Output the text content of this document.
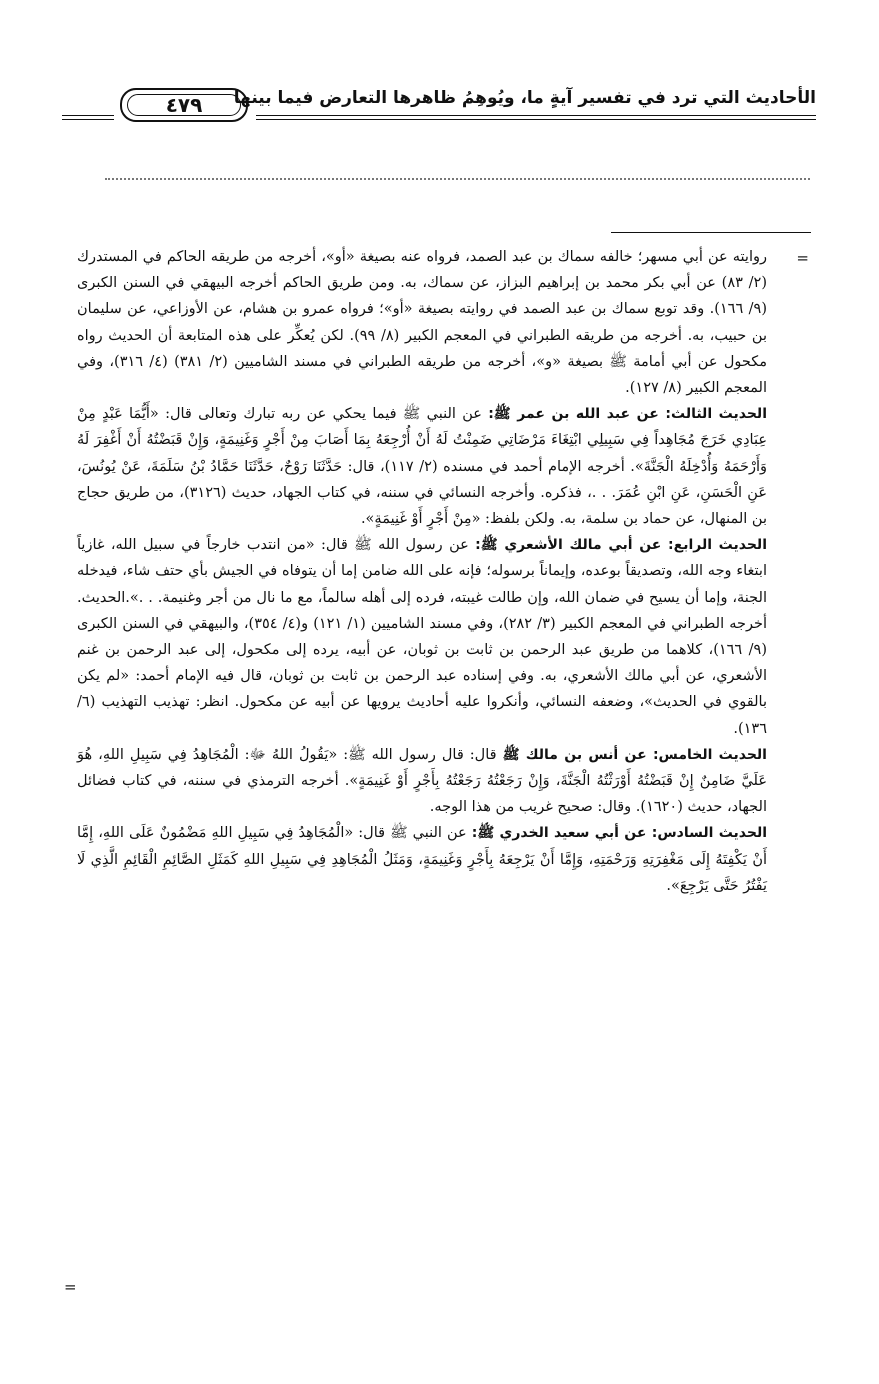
الأحاديث التي ترد في تفسير آيةٍ ما، ويُوهِمُ ظاهرها التعارض فيما بينها
٤٧٩
=

روايته عن أبي مسهر؛ خالفه سماك بن عبد الصمد، فرواه عنه بصيغة «أو»، أخرجه من طريقه الحاكم في المستدرك (٢/ ٨٣) عن أبي بكر محمد بن إبراهيم البزاز، عن سماك، به. ومن طريق الحاكم أخرجه البيهقي في السنن الكبرى (٩/ ١٦٦). وقد توبع سماك بن عبد الصمد في روايته بصيغة «أو»؛ فرواه عمرو بن هشام، عن الأوزاعي، عن سليمان بن حبيب، به. أخرجه من طريقه الطبراني في المعجم الكبير (٨/ ٩٩). لكن يُعكِّر على هذه المتابعة أن الحديث رواه مكحول عن أبي أمامة ﷺ بصيغة «و»، أخرجه من طريقه الطبراني في مسند الشاميين (٢/ ٣٨١) (٤/ ٣١٦)، وفي المعجم الكبير (٨/ ١٢٧).

الحديث الثالث: عن عبد الله بن عمر ﷺ: عن النبي ﷺ فيما يحكي عن ربه تبارك وتعالى قال: «أَيُّمَا عَبْدٍ مِنْ عِبَادِي خَرَجَ مُجَاهِداً فِي سَبِيلِي ابْتِغَاءَ مَرْضَاتِي ضَمِنْتُ لَهُ أَنْ أُرْجِعَهُ بِمَا أَصَابَ مِنْ أَجْرٍ وَغَنِيمَةٍ، وَإِنْ قَبَضْتُهُ أَنْ أَغْفِرَ لَهُ وَأَرْحَمَهُ وَأُدْخِلَهُ الْجَنَّةَ». أخرجه الإمام أحمد في مسنده (٢/ ١١٧)، قال: حَدَّثَنَا رَوْحٌ، حَدَّثَنَا حَمَّادُ بْنُ سَلَمَةَ، عَنْ يُونُسَ، عَنِ الْحَسَنِ، عَنِ ابْنِ عُمَرَ. . .، فذكره. وأخرجه النسائي في سننه، في كتاب الجهاد، حديث (٣١٢٦)، من طريق حجاج بن المنهال، عن حماد بن سلمة، به. ولكن بلفظ: «مِنْ أَجْرٍ أَوْ غَنِيمَةٍ».

الحديث الرابع: عن أبي مالك الأشعري ﷺ: عن رسول الله ﷺ قال: «من انتدب خارجاً في سبيل الله، غازياً ابتغاء وجه الله، وتصديقاً بوعده، وإيماناً برسوله؛ فإنه على الله ضامن إما أن يتوفاه في الجيش بأي حتف شاء، فيدخله الجنة، وإما أن يسيح في ضمان الله، وإن طالت غيبته، فرده إلى أهله سالماً، مع ما نال من أجر وغنيمة. . .».الحديث. أخرجه الطبراني في المعجم الكبير (٣/ ٢٨٢)، وفي مسند الشاميين (١/ ١٢١) و(٤/ ٣٥٤)، والبيهقي في السنن الكبرى (٩/ ١٦٦)، كلاهما من طريق عبد الرحمن بن ثابت بن ثوبان، عن أبيه، يرده إلى مكحول، إلى عبد الرحمن بن غنم الأشعري، عن أبي مالك الأشعري، به. وفي إسناده عبد الرحمن بن ثابت بن ثوبان، قال فيه الإمام أحمد: «لم يكن بالقوي في الحديث»، وضعفه النسائي، وأنكروا عليه أحاديث يرويها عن أبيه عن مكحول. انظر: تهذيب التهذيب (٦/ ١٣٦).

الحديث الخامس: عن أنس بن مالك ﷺ قال: قال رسول الله ﷺ: «يَقُولُ اللهُ ﷻ: الْمُجَاهِدُ فِي سَبِيلِ اللهِ، هُوَ عَلَيَّ ضَامِنٌ إِنْ قَبَضْتُهُ أَوْرَثْتُهُ الْجَنَّةَ، وَإِنْ رَجَعْتُهُ رَجَعْتُهُ بِأَجْرٍ أَوْ غَنِيمَةٍ». أخرجه الترمذي في سننه، في كتاب فضائل الجهاد، حديث (١٦٢٠). وقال: صحيح غريب من هذا الوجه.

الحديث السادس: عن أبي سعيد الخدري ﷺ: عن النبي ﷺ قال: «الْمُجَاهِدُ فِي سَبِيلِ اللهِ مَضْمُونٌ عَلَى اللهِ، إِمَّا أَنْ يَكْفِتَهُ إِلَى مَغْفِرَتِهِ وَرَحْمَتِهِ، وَإِمَّا أَنْ يَرْجِعَهُ بِأَجْرٍ وَغَنِيمَةٍ، وَمَثَلُ الْمُجَاهِدِ فِي سَبِيلِ اللهِ كَمَثَلِ الصَّائِمِ الْقَائِمِ الَّذِي لَا يَفْتُرُ حَتَّى يَرْجِعَ».

=
